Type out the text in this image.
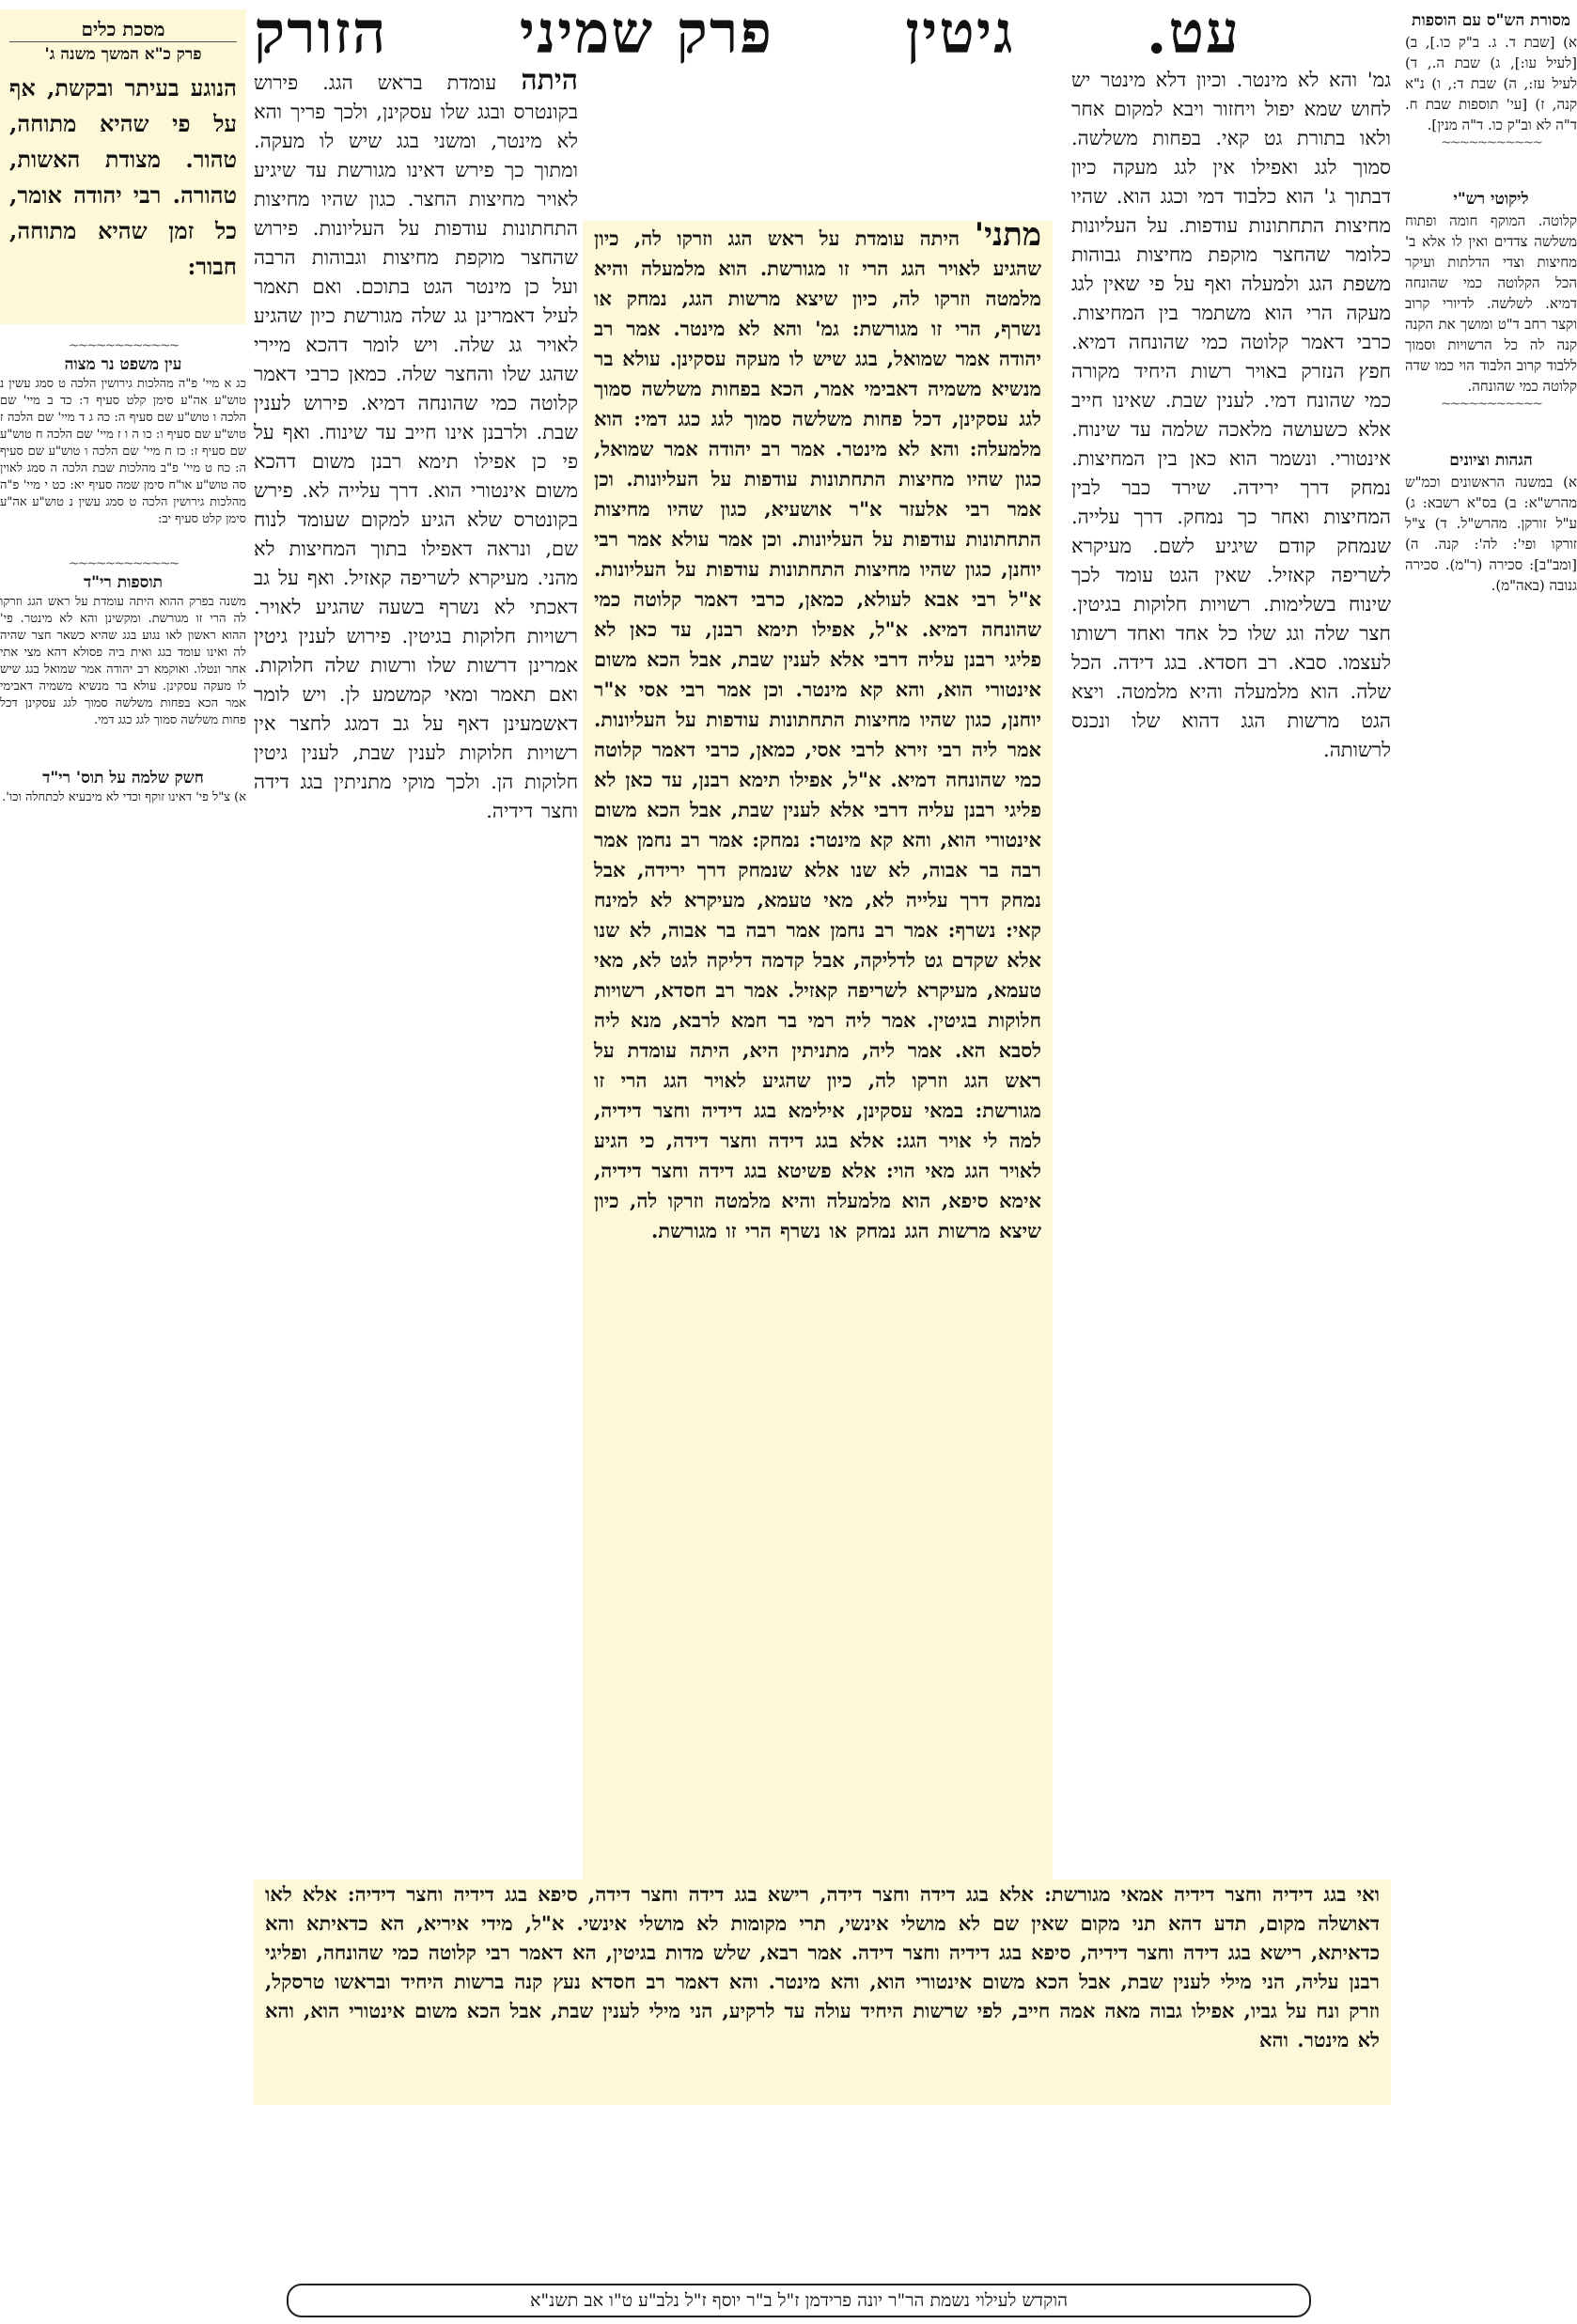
עט.
גיטין
פרק שמיני
הזורק
מסכת כלים
פרק כ"א המשך משנה ג'
הנוגע בעיתר ובקשת, אף על פי שהיא מתוחה, טהור. מצודת האשות, טהורה. רבי יהודה אומר, כל זמן שהיא מתוחה, חבור:
מסורת הש"ס עם הוספות
א) [שבת ד. ג. ב"ק כו.], ב) [לעיל עו:], ג) שבת ה., ד) לעיל עז:, ה) שבת ד:, ו) נ"א קנה, ז) [עי' תוספות שבת ח. ד"ה לא וב"ק כו. ד"ה מנין].
~~~~~~~~~~~
ליקוטי רש"י
קלוטה. המוקף חומה ופתוח משלשה צדדים ואין לו אלא ב' מחיצות וצדי הדלתות ועיקר הכל הקלוטה כמי שהונחה דמיא. לשלשה. לדיורי קרוב וקצר רחב ד"ט ומושך את הקנה קנה לה כל הרשויות וסמוך ללבוד קרוב הלבוד הוי כמו שדה קלוטה כמי שהונחה.
~~~~~~~~~~~
הגהות וציונים
א) במשנה הראשונים וכמ"ש מהרש"א: ב) בס"א רשבא: ג) ע"ל זורקן. מהרש"ל. ד) צ"ל זורקו ופי': לה': קנה. ה) [ומב"ב]: סכירה (ר"מ). סכירה גנובה (באה"מ).
~~~~~~~~~~~~
עין משפט נר מצוה
כג א מיי' פ"ה מהלכות גירושין הלכה ט סמג עשין נ טוש"ע אה"ע סימן קלט סעיף ד: כד ב מיי' שם הלכה ו טוש"ע שם סעיף ה: כה ג ד מיי' שם הלכה ז טוש"ע שם סעיף ו: כו ה ו ז מיי' שם הלכה ח טוש"ע שם סעיף ז: כז ח מיי' שם הלכה ו טוש"ע שם סעיף ה: כח ט מיי' פ"ב מהלכות שבת הלכה ה סמג לאוין סה טוש"ע או"ח סימן שמה סעיף יא: כט י מיי' פ"ה מהלכות גירושין הלכה ט סמג עשין נ טוש"ע אה"ע סימן קלט סעיף יב:
~~~~~~~~~~~~
תוספות רי"ד
משנה בפרק ההוא היתה עומדת על ראש הגג וזרקו לה הרי זו מגורשת. ומקשינן והא לא מינטר. פי' ההוא ראשון לאו נגוע בגג שהיא כשאר חצר שהיה לה ואינו עומד בגג ואית ביה פסולא דהא מצי אתי אחר ונטלו. ואוקמא רב יהודה אמר שמואל בגג שיש לו מעקה עסקינן. עולא בר מנשיא משמיה דאבימי אמר הכא בפחות משלשה סמוך לגג עסקינן דכל פחות משלשה סמוך לגג כגג דמי.
חשק שלמה על תוס' רי"ד
א) צ"ל פי' דאינו זוקף וכדי לא מיבעיא לכתחלה וכו'.
גמ' והא לא מינטר. וכיון דלא מינטר יש לחוש שמא יפול ויחזור ויבא למקום אחר ולאו בתורת גט קאי. בפחות משלשה. סמוך לגג ואפילו אין לגג מעקה כיון דבתוך ג' הוא כלבוד דמי וכגג הוא. שהיו מחיצות התחתונות עודפות. על העליונות כלומר שהחצר מוקפת מחיצות גבוהות משפת הגג ולמעלה ואף על פי שאין לגג מעקה הרי הוא משתמר בין המחיצות. כרבי דאמר קלוטה כמי שהונחה דמיא. חפץ הנזרק באויר רשות היחיד מקורה כמי שהונח דמי. לענין שבת. שאינו חייב אלא כשעושה מלאכה שלמה עד שינוח. אינטורי. ונשמר הוא כאן בין המחיצות. נמחק דרך ירידה. שירד כבר לבין המחיצות ואחר כך נמחק. דרך עלייה. שנמחק קודם שיגיע לשם. מעיקרא לשריפה קאזיל. שאין הגט עומד לכך שינוח בשלימות. רשויות חלוקות בגיטין. חצר שלה וגג שלו כל אחד ואחד רשותו לעצמו. סבא. רב חסדא. בגג דידה. הכל שלה. הוא מלמעלה והיא מלמטה. ויצא הגט מרשות הגג דהוא שלו ונכנס לרשותה.
היתה עומדת בראש הגג. פירוש בקונטרס ובגג שלו עסקינן, ולכך פריך והא לא מינטר, ומשני בגג שיש לו מעקה. ומתוך כך פירש דאינו מגורשת עד שיגיע לאויר מחיצות החצר. כגון שהיו מחיצות התחתונות עודפות על העליונות. פירוש שהחצר מוקפת מחיצות וגבוהות הרבה ועל כן מינטר הגט בתוכם. ואם תאמר לעיל דאמרינן גג שלה מגורשת כיון שהגיע לאויר גג שלה. ויש לומר דהכא מיירי שהגג שלו והחצר שלה. כמאן כרבי דאמר קלוטה כמי שהונחה דמיא. פירוש לענין שבת. ולרבנן אינו חייב עד שינוח. ואף על פי כן אפילו תימא רבנן משום דהכא משום אינטורי הוא. דרך עלייה לא. פירש בקונטרס שלא הגיע למקום שעומד לנוח שם, ונראה דאפילו בתוך המחיצות לא מהני. מעיקרא לשריפה קאזיל. ואף על גב דאכתי לא נשרף בשעה שהגיע לאויר. רשויות חלוקות בגיטין. פירוש לענין גיטין אמרינן דרשות שלו ורשות שלה חלוקות. ואם תאמר ומאי קמשמע לן. ויש לומר דאשמעינן דאף על גב דמגג לחצר אין רשויות חלוקות לענין שבת, לענין גיטין חלוקות הן. ולכך מוקי מתניתין בגג דידה וחצר דידיה.
מתני' היתה עומדת על ראש הגג וזרקו לה, כיון שהגיע לאויר הגג הרי זו מגורשת. הוא מלמעלה והיא מלמטה וזרקו לה, כיון שיצא מרשות הגג, נמחק או נשרף, הרי זו מגורשת: גמ' והא לא מינטר. אמר רב יהודה אמר שמואל, בגג שיש לו מעקה עסקינן. עולא בר מנשיא משמיה דאבימי אמר, הכא בפחות משלשה סמוך לגג עסקינן, דכל פחות משלשה סמוך לגג כגג דמי: הוא מלמעלה: והא לא מינטר. אמר רב יהודה אמר שמואל, כגון שהיו מחיצות התחתונות עודפות על העליונות. וכן אמר רבי אלעזר א"ר אושעיא, כגון שהיו מחיצות התחתונות עודפות על העליונות. וכן אמר עולא אמר רבי יוחנן, כגון שהיו מחיצות התחתונות עודפות על העליונות. א"ל רבי אבא לעולא, כמאן, כרבי דאמר קלוטה כמי שהונחה דמיא. א"ל, אפילו תימא רבנן, עד כאן לא פליגי רבנן עליה דרבי אלא לענין שבת, אבל הכא משום אינטורי הוא, והא קא מינטר. וכן אמר רבי אסי א"ר יוחנן, כגון שהיו מחיצות התחתונות עודפות על העליונות. אמר ליה רבי זירא לרבי אסי, כמאן, כרבי דאמר קלוטה כמי שהונחה דמיא. א"ל, אפילו תימא רבנן, עד כאן לא פליגי רבנן עליה דרבי אלא לענין שבת, אבל הכא משום אינטורי הוא, והא קא מינטר: נמחק: אמר רב נחמן אמר רבה בר אבוה, לא שנו אלא שנמחק דרך ירידה, אבל נמחק דרך עלייה לא, מאי טעמא, מעיקרא לא למינח קאי: נשרף: אמר רב נחמן אמר רבה בר אבוה, לא שנו אלא שקדם גט לדליקה, אבל קדמה דליקה לגט לא, מאי טעמא, מעיקרא לשריפה קאזיל. אמר רב חסדא, רשויות חלוקות בגיטין. אמר ליה רמי בר חמא לרבא, מנא ליה לסבא הא. אמר ליה, מתניתין היא, היתה עומדת על ראש הגג וזרקו לה, כיון שהגיע לאויר הגג הרי זו מגורשת: במאי עסקינן, אילימא בגג דידיה וחצר דידיה, למה לי אויר הגג: אלא בגג דידה וחצר דידה, כי הגיע לאויר הגג מאי הוי: אלא פשיטא בגג דידה וחצר דידיה, אימא סיפא, הוא מלמעלה והיא מלמטה וזרקו לה, כיון שיצא מרשות הגג נמחק או נשרף הרי זו מגורשת.
ואי בגג דידיה וחצר דידיה אמאי מגורשת: אלא בגג דידה וחצר דידה, רישא בגג דידה וחצר דידה, סיפא בגג דידיה וחצר דידיה: אלא לאו דאושלה מקום, תדע דהא תני מקום שאין שם לא מושלי אינשי, תרי מקומות לא מושלי אינשי. א"ל, מידי איריא, הא כדאיתא והא כדאיתא, רישא בגג דידה וחצר דידיה, סיפא בגג דידיה וחצר דידה. אמר רבא, שלש מדות בגיטין, הא דאמר רבי קלוטה כמי שהונחה, ופליגי רבנן עליה, הני מילי לענין שבת, אבל הכא משום אינטורי הוא, והא מינטר. והא דאמר רב חסדא נעץ קנה ברשות היחיד ובראשו טרסקל, וזרק ונח על גביו, אפילו גבוה מאה אמה חייב, לפי שרשות היחיד עולה עד לרקיע, הני מילי לענין שבת, אבל הכא משום אינטורי הוא, והא לא מינטר. והא
הוקדש לעילוי נשמת הר"ר יונה פרידמן ז"ל ב"ר יוסף ז"ל נלב"ע ט"ו אב תשנ"א
